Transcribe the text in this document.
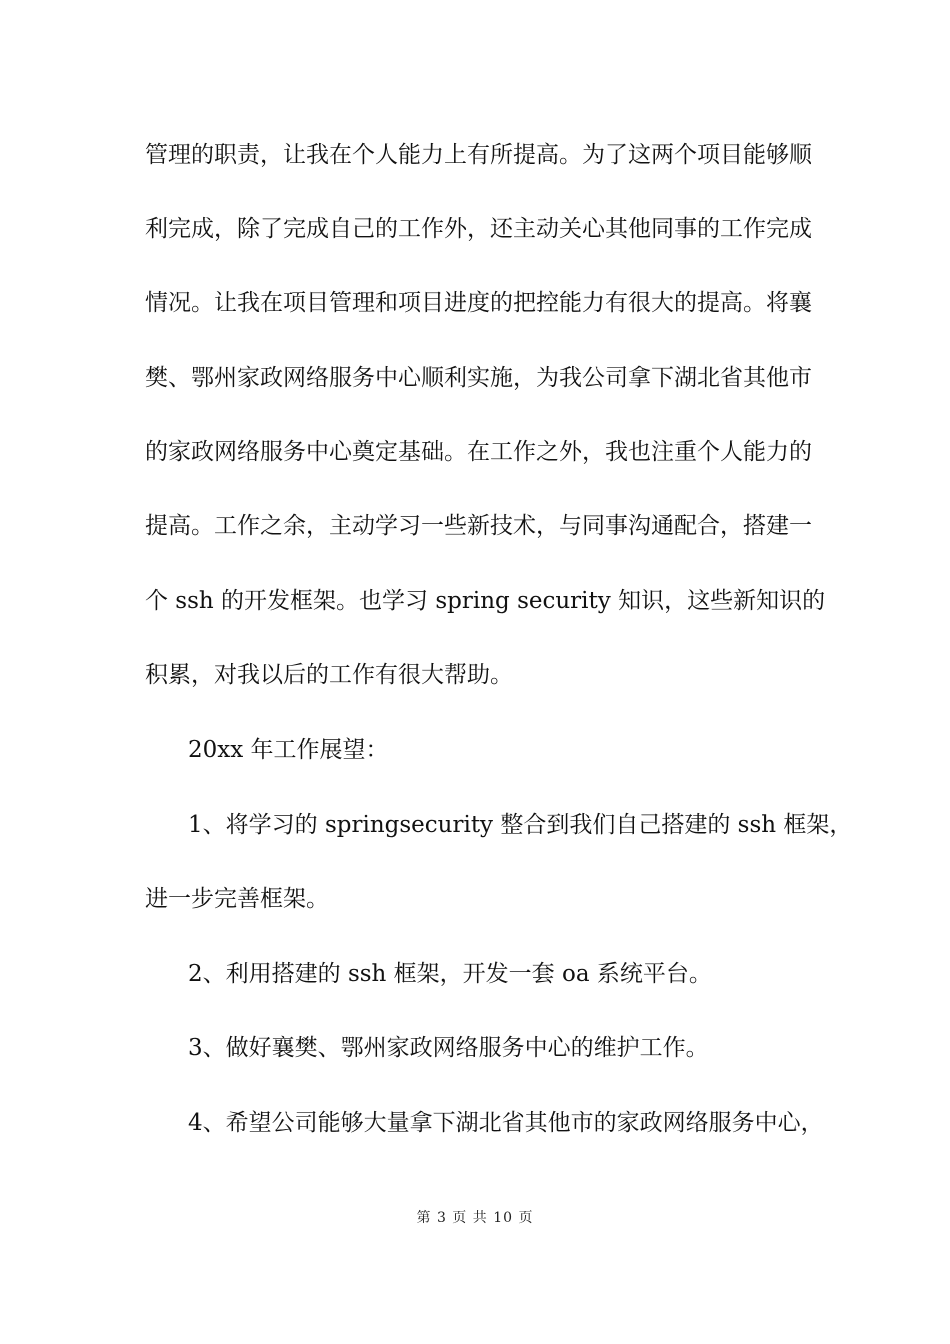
管理的职责，让我在个人能力上有所提高。为了这两个项目能够顺
利完成，除了完成自己的工作外，还主动关心其他同事的工作完成
情况。让我在项目管理和项目进度的把控能力有很大的提高。将襄
樊、鄂州家政网络服务中心顺利实施，为我公司拿下湖北省其他市
的家政网络服务中心奠定基础。在工作之外，我也注重个人能力的
提高。工作之余，主动学习一些新技术，与同事沟通配合，搭建一
个 ssh 的开发框架。也学习 spring security 知识，这些新知识的
积累，对我以后的工作有很大帮助。
20xx 年工作展望：
1、将学习的 springsecurity 整合到我们自己搭建的 ssh 框架，
进一步完善框架。
2、利用搭建的 ssh 框架，开发一套 oa 系统平台。
3、做好襄樊、鄂州家政网络服务中心的维护工作。
4、希望公司能够大量拿下湖北省其他市的家政网络服务中心，
第 3 页 共 10 页
